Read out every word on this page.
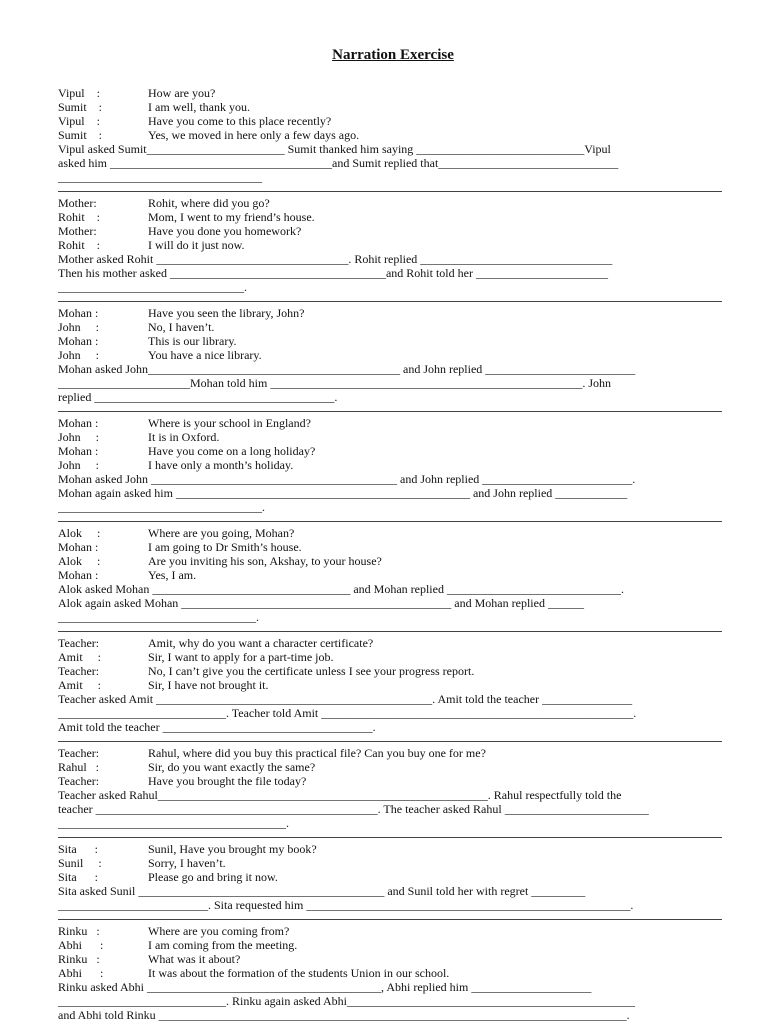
Narration Exercise
Vipul    :	How are you?
Sumit    :	I am well, thank you.
Vipul    :	Have you come to this place recently?
Sumit    :	Yes, we moved in here only a few days ago.
Vipul asked Sumit_______________________ Sumit thanked him saying ____________________________Vipul
asked him _____________________________________and Sumit replied that______________________________
__________________________________
Mother:	Rohit, where did you go?
Rohit    :	Mom, I went to my friend’s house.
Mother:	Have you done you homework?
Rohit    :	I will do it just now.
Mother asked Rohit ________________________________. Rohit replied ________________________________
Then his mother asked ____________________________________and Rohit told her ______________________
_______________________________.
Mohan :	Have you seen the library, John?
John     :	No, I haven’t.
Mohan :	This is our library.
John     :	You have a nice library.
Mohan asked John__________________________________________ and John replied _________________________
______________________Mohan told him ____________________________________________________. John
replied ________________________________________.
Mohan :	Where is your school in England?
John     :	It is in Oxford.
Mohan :	Have you come on a long holiday?
John     :	I have only a month’s holiday.
Mohan asked John _________________________________________ and John replied _________________________.
Mohan again asked him _________________________________________________ and John replied ____________
__________________________________.
Alok     :	Where are you going, Mohan?
Mohan :	I am going to Dr Smith’s house.
Alok     :	Are you inviting his son, Akshay, to your house?
Mohan :	Yes, I am.
Alok asked Mohan _________________________________ and Mohan replied _____________________________.
Alok again asked Mohan _____________________________________________ and Mohan replied ______
_________________________________.
Teacher:	Amit, why do you want a character certificate?
Amit     :	Sir, I want to apply for a part-time job.
Teacher:	No, I can’t give you the certificate unless I see your progress report.
Amit     :	Sir, I have not brought it.
Teacher asked Amit ______________________________________________. Amit told the teacher _______________
____________________________. Teacher told Amit ____________________________________________________.
Amit told the teacher ___________________________________.
Teacher:	Rahul, where did you buy this practical file? Can you buy one for me?
Rahul   :	Sir, do you want exactly the same?
Teacher:	Have you brought the file today?
Teacher asked Rahul_______________________________________________________. Rahul respectfully told the
teacher _______________________________________________. The teacher asked Rahul ________________________
______________________________________.
Sita      :	Sunil, Have you brought my book?
Sunil     :	Sorry, I haven’t.
Sita      :	Please go and bring it now.
Sita asked Sunil _________________________________________ and Sunil told her with regret _________
_________________________. Sita requested him ______________________________________________________.
Rinku   :	Where are you coming from?
Abhi      :	I am coming from the meeting.
Rinku   :	What was it about?
Abhi      :	It was about the formation of the students Union in our school.
Rinku asked Abhi _______________________________________, Abhi replied him ____________________
____________________________. Rinku again asked Abhi________________________________________________
and Abhi told Rinku ______________________________________________________________________________.
